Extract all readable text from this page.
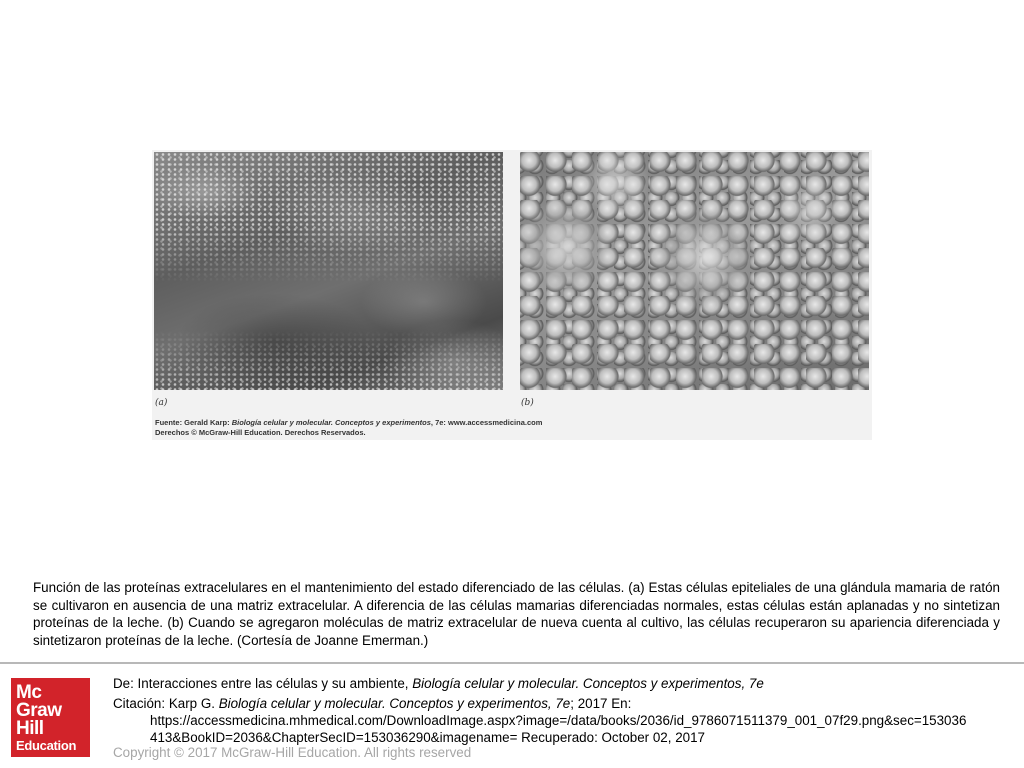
(a)	(b)
Fuente: Gerald Karp: Biología celular y molecular. Conceptos y experimentos, 7e: www.accessmedicina.com
Derechos © McGraw-Hill Education. Derechos Reservados.
Función de las proteínas extracelulares en el mantenimiento del estado diferenciado de las células. (a) Estas células epiteliales de una glándula mamaria de ratón se cultivaron en ausencia de una matriz extracelular. A diferencia de las células mamarias diferenciadas normales, estas células están aplanadas y no sintetizan proteínas de la leche. (b) Cuando se agregaron moléculas de matriz extracelular de nueva cuenta al cultivo, las células recuperaron su apariencia diferenciada y sintetizaron proteínas de la leche. (Cortesía de Joanne Emerman.)
Mc
Graw
Hill
Education
De: Interacciones entre las células y su ambiente, Biología celular y molecular. Conceptos y experimentos, 7e
Citación: Karp G. Biología celular y molecular. Conceptos y experimentos, 7e; 2017 En:
https://accessmedicina.mhmedical.com/DownloadImage.aspx?image=/data/books/2036/id_9786071511379_001_07f29.png&sec=153036
413&BookID=2036&ChapterSecID=153036290&imagename= Recuperado: October 02, 2017
Copyright © 2017 McGraw-Hill Education. All rights reserved
